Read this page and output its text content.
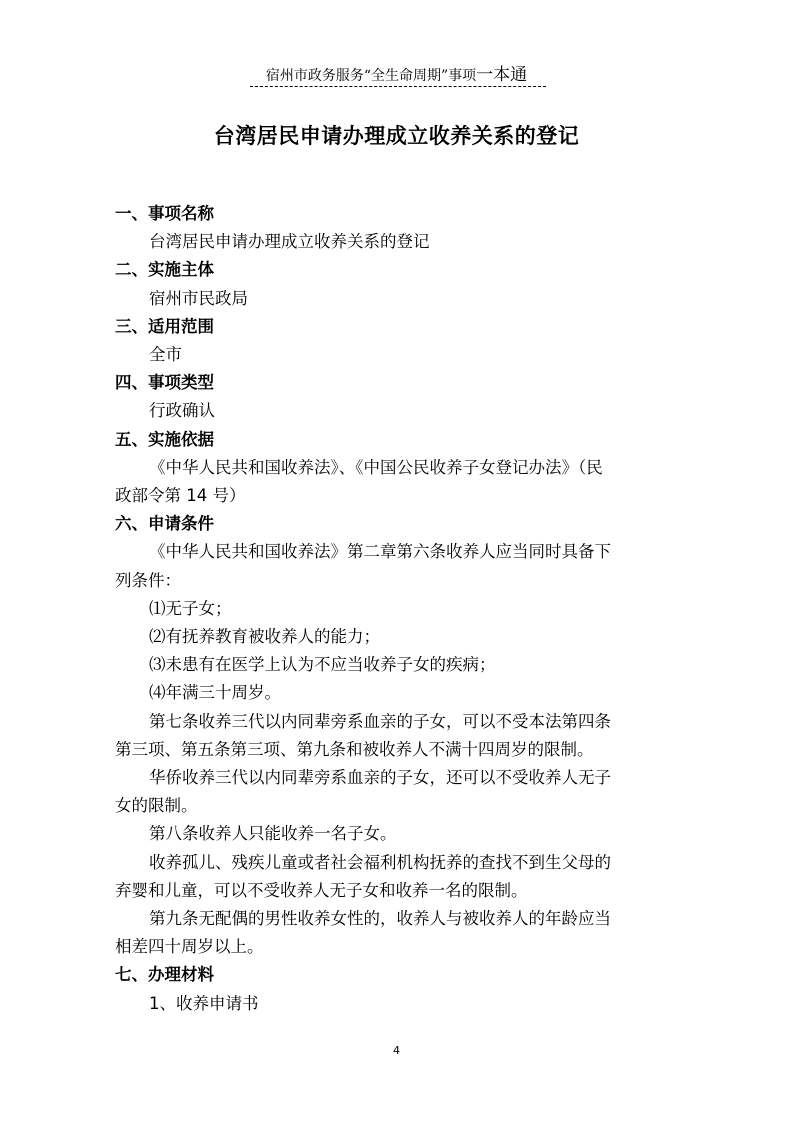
宿州市政务服务“全生命周期”事项一本通
台湾居民申请办理成立收养关系的登记
一、事项名称
台湾居民申请办理成立收养关系的登记
二、实施主体
宿州市民政局
三、适用范围
全市
四、事项类型
行政确认
五、实施依据
《中华人民共和国收养法》、《中国公民收养子女登记办法》（民
政部令第 14 号）
六、申请条件
《中华人民共和国收养法》第二章第六条收养人应当同时具备下
列条件：
⑴无子女；
⑵有抚养教育被收养人的能力；
⑶未患有在医学上认为不应当收养子女的疾病；
⑷年满三十周岁。
第七条收养三代以内同辈旁系血亲的子女，可以不受本法第四条
第三项、第五条第三项、第九条和被收养人不满十四周岁的限制。
华侨收养三代以内同辈旁系血亲的子女，还可以不受收养人无子
女的限制。
第八条收养人只能收养一名子女。
收养孤儿、残疾儿童或者社会福利机构抚养的查找不到生父母的
弃婴和儿童，可以不受收养人无子女和收养一名的限制。
第九条无配偶的男性收养女性的，收养人与被收养人的年龄应当
相差四十周岁以上。
七、办理材料
1、收养申请书
4
